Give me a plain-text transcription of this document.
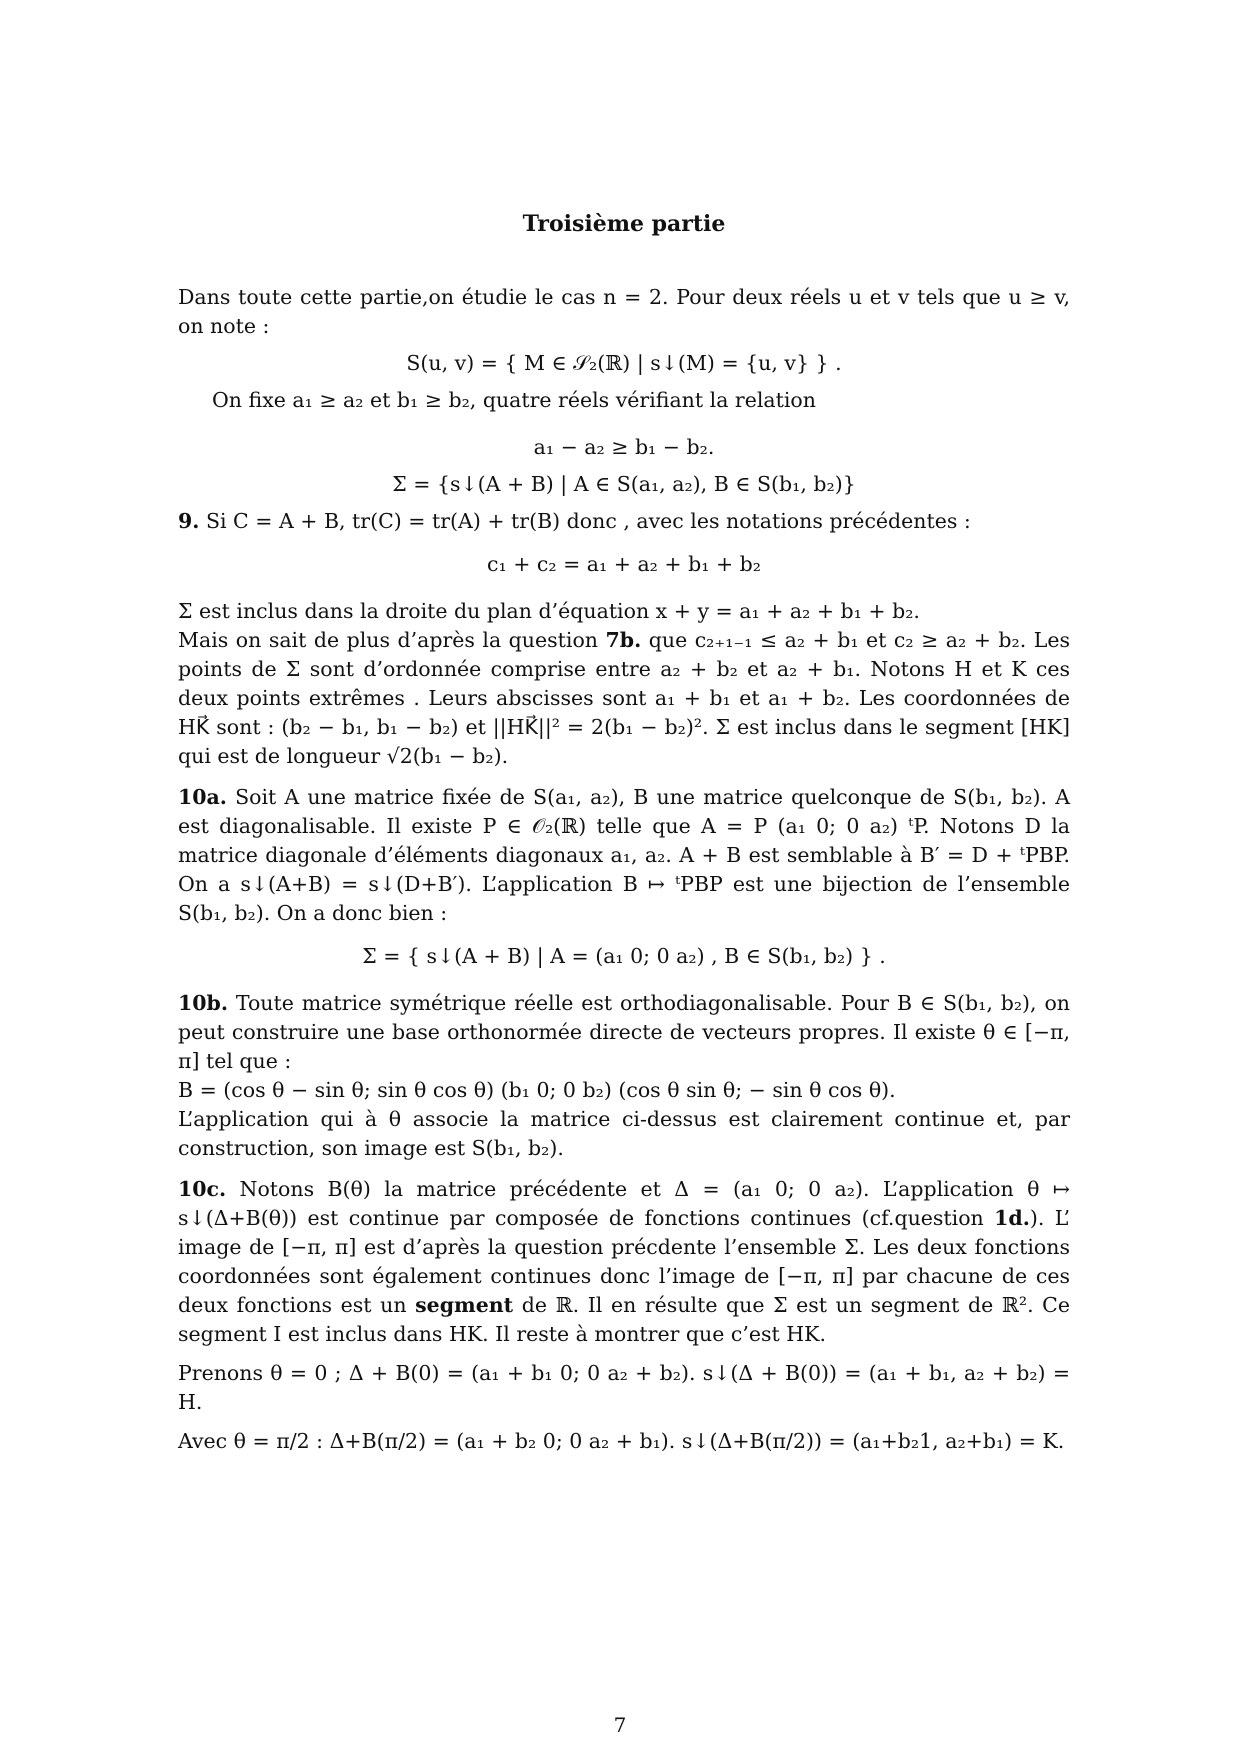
Troisième partie

Dans toute cette partie,on étudie le cas n = 2. Pour deux réels u et v tels que u ≥ v, on note :

S(u, v) = { M ∈ 𝒮₂(ℝ) | s↓(M) = {u, v} } .

On fixe a₁ ≥ a₂ et b₁ ≥ b₂, quatre réels vérifiant la relation

a₁ − a₂ ≥ b₁ − b₂.
Σ = {s↓(A + B) | A ∈ S(a₁, a₂), B ∈ S(b₁, b₂)}

9. Si C = A + B, tr(C) = tr(A) + tr(B) donc , avec les notations précédentes :

c₁ + c₂ = a₁ + a₂ + b₁ + b₂

Σ est inclus dans la droite du plan d’équation x + y = a₁ + a₂ + b₁ + b₂.

Mais on sait de plus d’après la question 7b. que c₂₊₁₋₁ ≤ a₂ + b₁ et c₂ ≥ a₂ + b₂. Les points de Σ sont d’ordonnée comprise entre a₂ + b₂ et a₂ + b₁. Notons H et K ces deux points extrêmes . Leurs abscisses sont a₁ + b₁ et a₁ + b₂. Les coordonnées de HK⃗ sont : (b₂ − b₁, b₁ − b₂) et ||HK⃗||² = 2(b₁ − b₂)². Σ est inclus dans le segment [HK] qui est de longueur √2(b₁ − b₂).

10a. Soit A une matrice fixée de S(a₁, a₂), B une matrice quelconque de S(b₁, b₂). A est diagonalisable. Il existe P ∈ 𝒪₂(ℝ) telle que A = P (a₁ 0; 0 a₂) ᵗP. Notons D la matrice diagonale d’éléments diagonaux a₁, a₂. A + B est semblable à B′ = D + ᵗPBP. On a s↓(A+B) = s↓(D+B′). L’application B ↦ ᵗPBP est une bijection de l’ensemble S(b₁, b₂). On a donc bien :

Σ = { s↓(A + B) | A = (a₁ 0; 0 a₂) , B ∈ S(b₁, b₂) } .

10b. Toute matrice symétrique réelle est orthodiagonalisable. Pour B ∈ S(b₁, b₂), on peut construire une base orthonormée directe de vecteurs propres. Il existe θ ∈ [−π, π] tel que :

B = (cos θ − sin θ; sin θ cos θ) (b₁ 0; 0 b₂) (cos θ sin θ; − sin θ cos θ).

L’application qui à θ associe la matrice ci-dessus est clairement continue et, par construction, son image est S(b₁, b₂).

10c. Notons B(θ) la matrice précédente et Δ = (a₁ 0; 0 a₂). L’application θ ↦ s↓(Δ+B(θ)) est continue par composée de fonctions continues (cf.question 1d.). L’ image de [−π, π] est d’après la question précdente l’ensemble Σ. Les deux fonctions coordonnées sont également continues donc l’image de [−π, π] par chacune de ces deux fonctions est un segment de ℝ. Il en résulte que Σ est un segment de ℝ². Ce segment I est inclus dans HK. Il reste à montrer que c’est HK.

Prenons θ = 0 ; Δ + B(0) = (a₁ + b₁ 0; 0 a₂ + b₂). s↓(Δ + B(0)) = (a₁ + b₁, a₂ + b₂) = H.

Avec θ = π/2 : Δ+B(π/2) = (a₁ + b₂ 0; 0 a₂ + b₁). s↓(Δ+B(π/2)) = (a₁+b₂1, a₂+b₁) = K.

7
